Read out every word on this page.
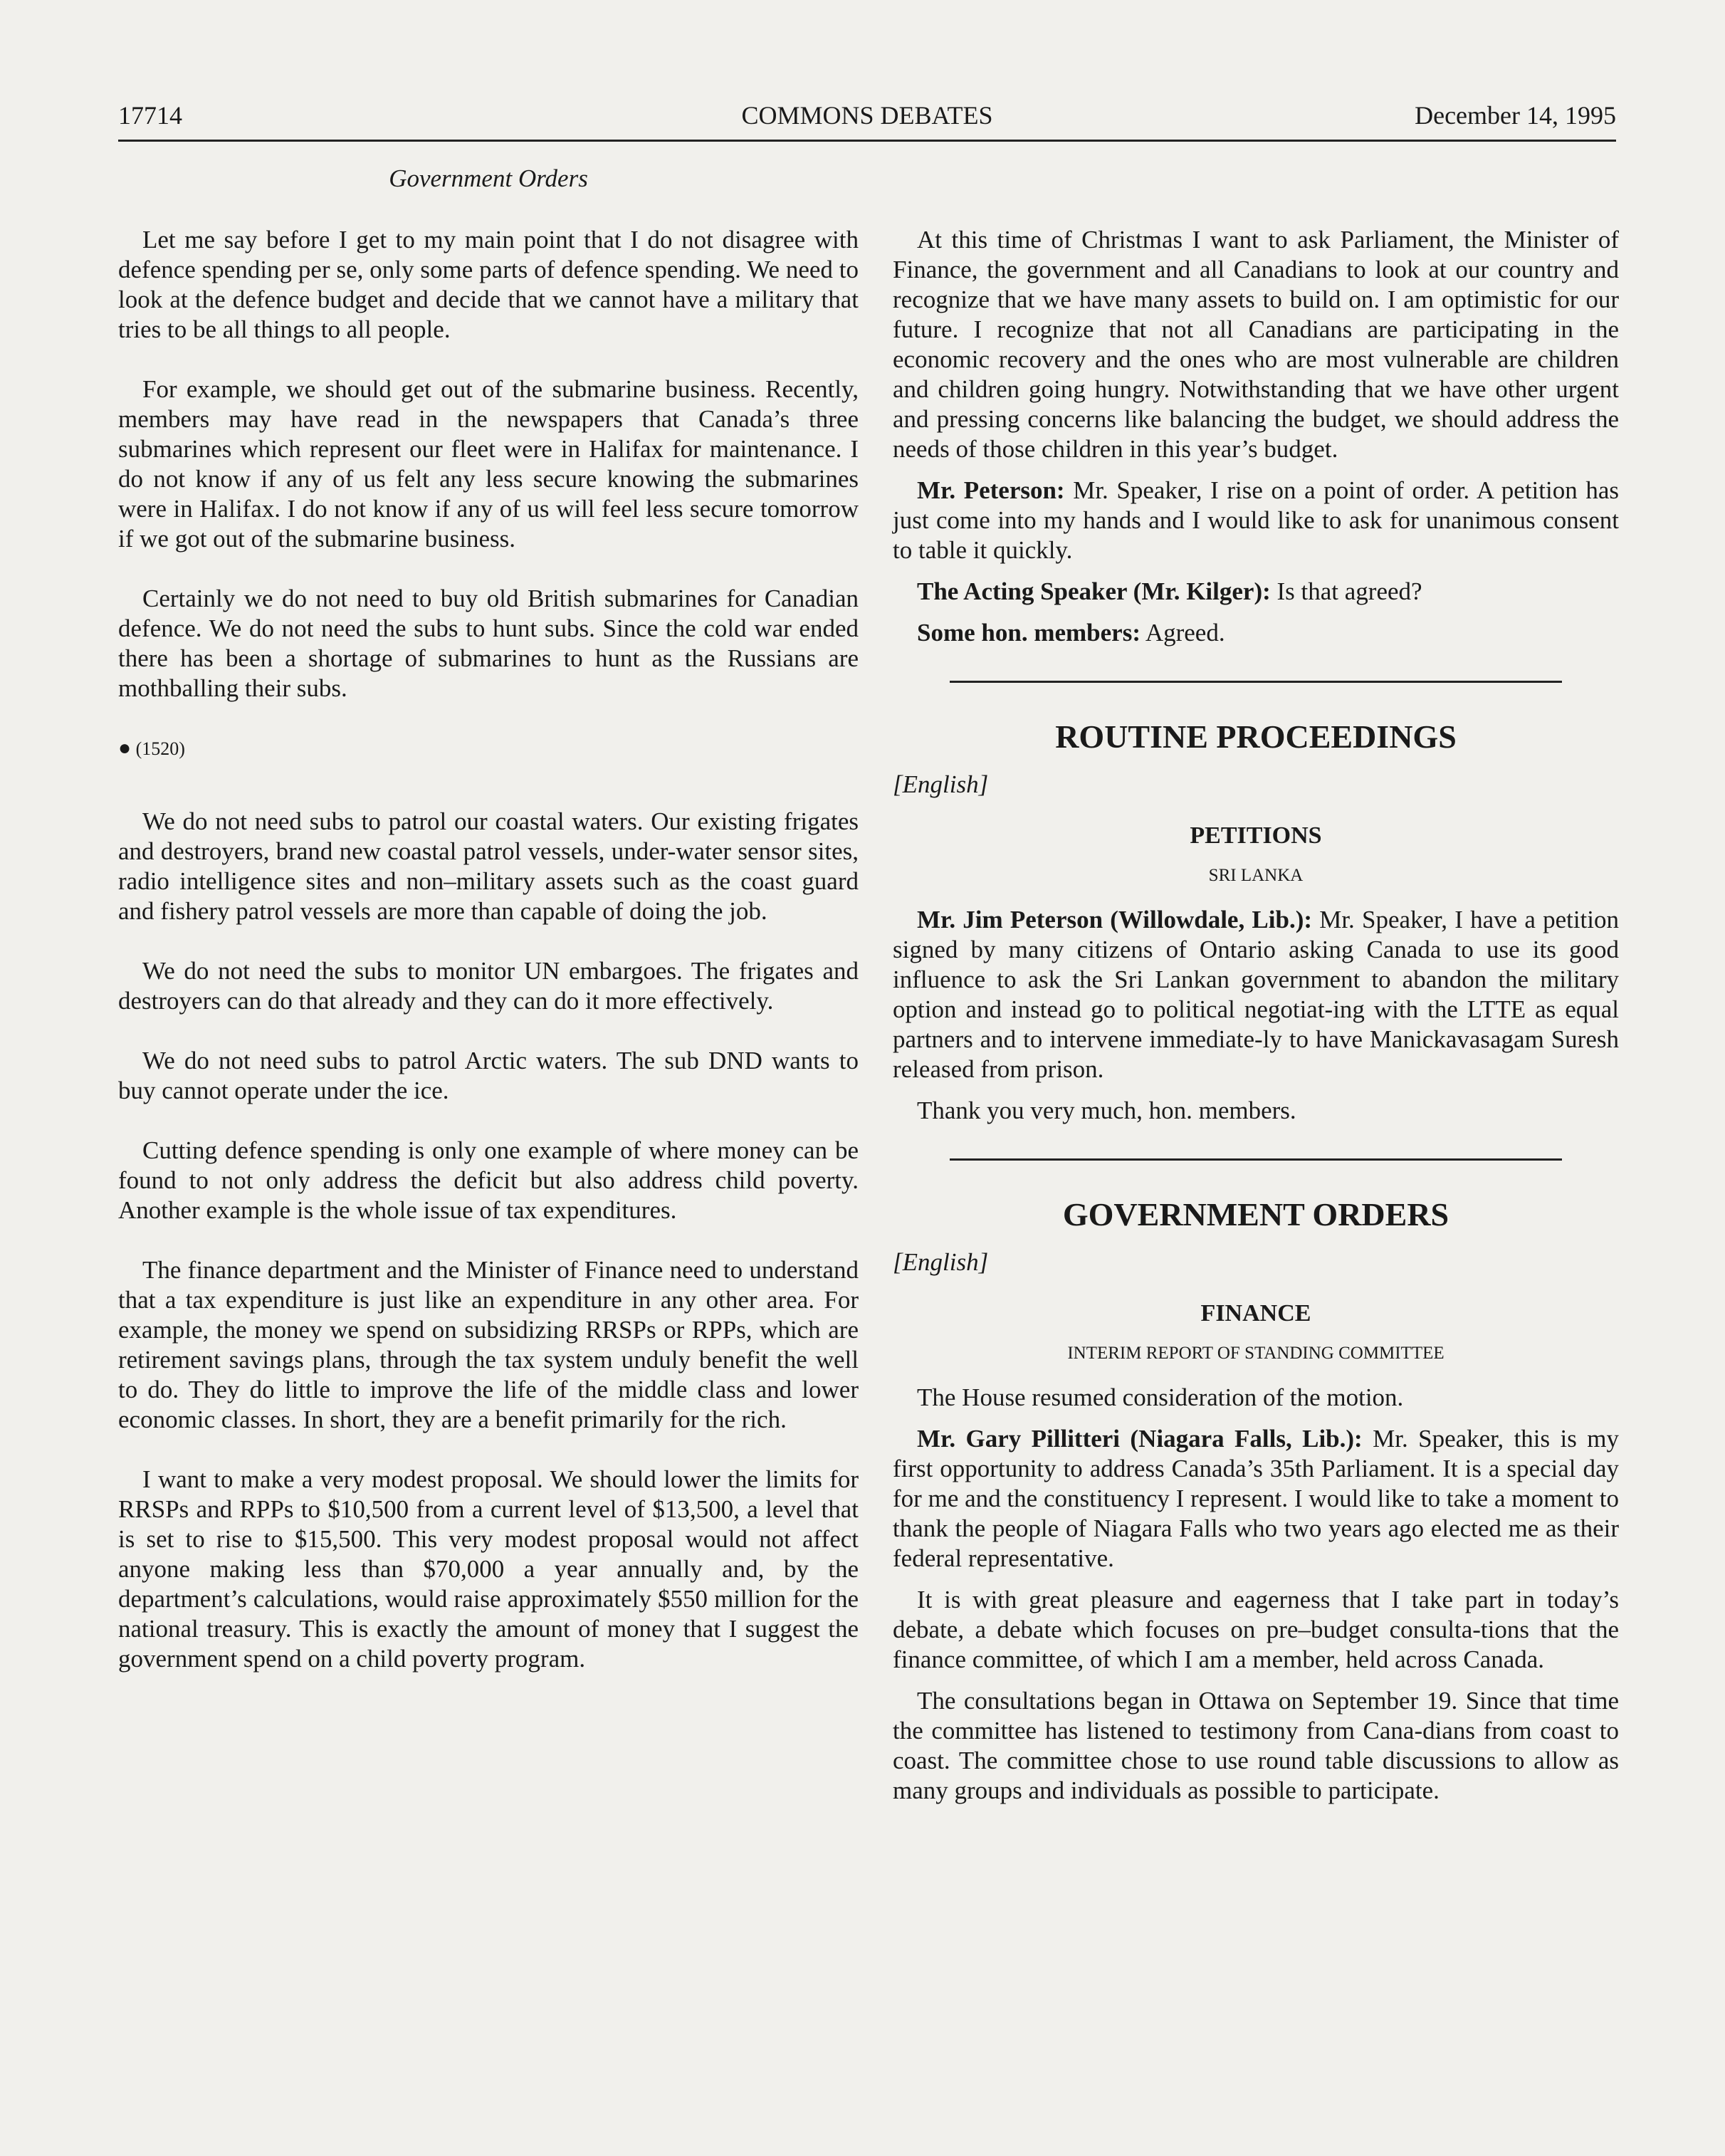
17714	COMMONS DEBATES	December 14, 1995
Government Orders

Let me say before I get to my main point that I do not disagree with defence spending per se, only some parts of defence spending. We need to look at the defence budget and decide that we cannot have a military that tries to be all things to all people.

For example, we should get out of the submarine business. Recently, members may have read in the newspapers that Canada’s three submarines which represent our fleet were in Halifax for maintenance. I do not know if any of us felt any less secure knowing the submarines were in Halifax. I do not know if any of us will feel less secure tomorrow if we got out of the submarine business.

Certainly we do not need to buy old British submarines for Canadian defence. We do not need the subs to hunt subs. Since the cold war ended there has been a shortage of submarines to hunt as the Russians are mothballing their subs.

● (1520)

We do not need subs to patrol our coastal waters. Our existing frigates and destroyers, brand new coastal patrol vessels, under-water sensor sites, radio intelligence sites and non–military assets such as the coast guard and fishery patrol vessels are more than capable of doing the job.

We do not need the subs to monitor UN embargoes. The frigates and destroyers can do that already and they can do it more effectively.

We do not need subs to patrol Arctic waters. The sub DND wants to buy cannot operate under the ice.

Cutting defence spending is only one example of where money can be found to not only address the deficit but also address child poverty. Another example is the whole issue of tax expenditures.

The finance department and the Minister of Finance need to understand that a tax expenditure is just like an expenditure in any other area. For example, the money we spend on subsidizing RRSPs or RPPs, which are retirement savings plans, through the tax system unduly benefit the well to do. They do little to improve the life of the middle class and lower economic classes. In short, they are a benefit primarily for the rich.

I want to make a very modest proposal. We should lower the limits for RRSPs and RPPs to $10,500 from a current level of $13,500, a level that is set to rise to $15,500. This very modest proposal would not affect anyone making less than $70,000 a year annually and, by the department’s calculations, would raise approximately $550 million for the national treasury. This is exactly the amount of money that I suggest the government spend on a child poverty program.

At this time of Christmas I want to ask Parliament, the Minister of Finance, the government and all Canadians to look at our country and recognize that we have many assets to build on. I am optimistic for our future. I recognize that not all Canadians are participating in the economic recovery and the ones who are most vulnerable are children and children going hungry. Notwithstanding that we have other urgent and pressing concerns like balancing the budget, we should address the needs of those children in this year’s budget.

Mr. Peterson: Mr. Speaker, I rise on a point of order. A petition has just come into my hands and I would like to ask for unanimous consent to table it quickly.

The Acting Speaker (Mr. Kilger): Is that agreed?

Some hon. members: Agreed.

ROUTINE PROCEEDINGS
[English]
PETITIONS
SRI LANKA

Mr. Jim Peterson (Willowdale, Lib.): Mr. Speaker, I have a petition signed by many citizens of Ontario asking Canada to use its good influence to ask the Sri Lankan government to abandon the military option and instead go to political negotiat-ing with the LTTE as equal partners and to intervene immediate-ly to have Manickavasagam Suresh released from prison.

Thank you very much, hon. members.

GOVERNMENT ORDERS
[English]
FINANCE
INTERIM REPORT OF STANDING COMMITTEE

The House resumed consideration of the motion.

Mr. Gary Pillitteri (Niagara Falls, Lib.): Mr. Speaker, this is my first opportunity to address Canada’s 35th Parliament. It is a special day for me and the constituency I represent. I would like to take a moment to thank the people of Niagara Falls who two years ago elected me as their federal representative.

It is with great pleasure and eagerness that I take part in today’s debate, a debate which focuses on pre–budget consulta-tions that the finance committee, of which I am a member, held across Canada.

The consultations began in Ottawa on September 19. Since that time the committee has listened to testimony from Cana-dians from coast to coast. The committee chose to use round table discussions to allow as many groups and individuals as possible to participate.
